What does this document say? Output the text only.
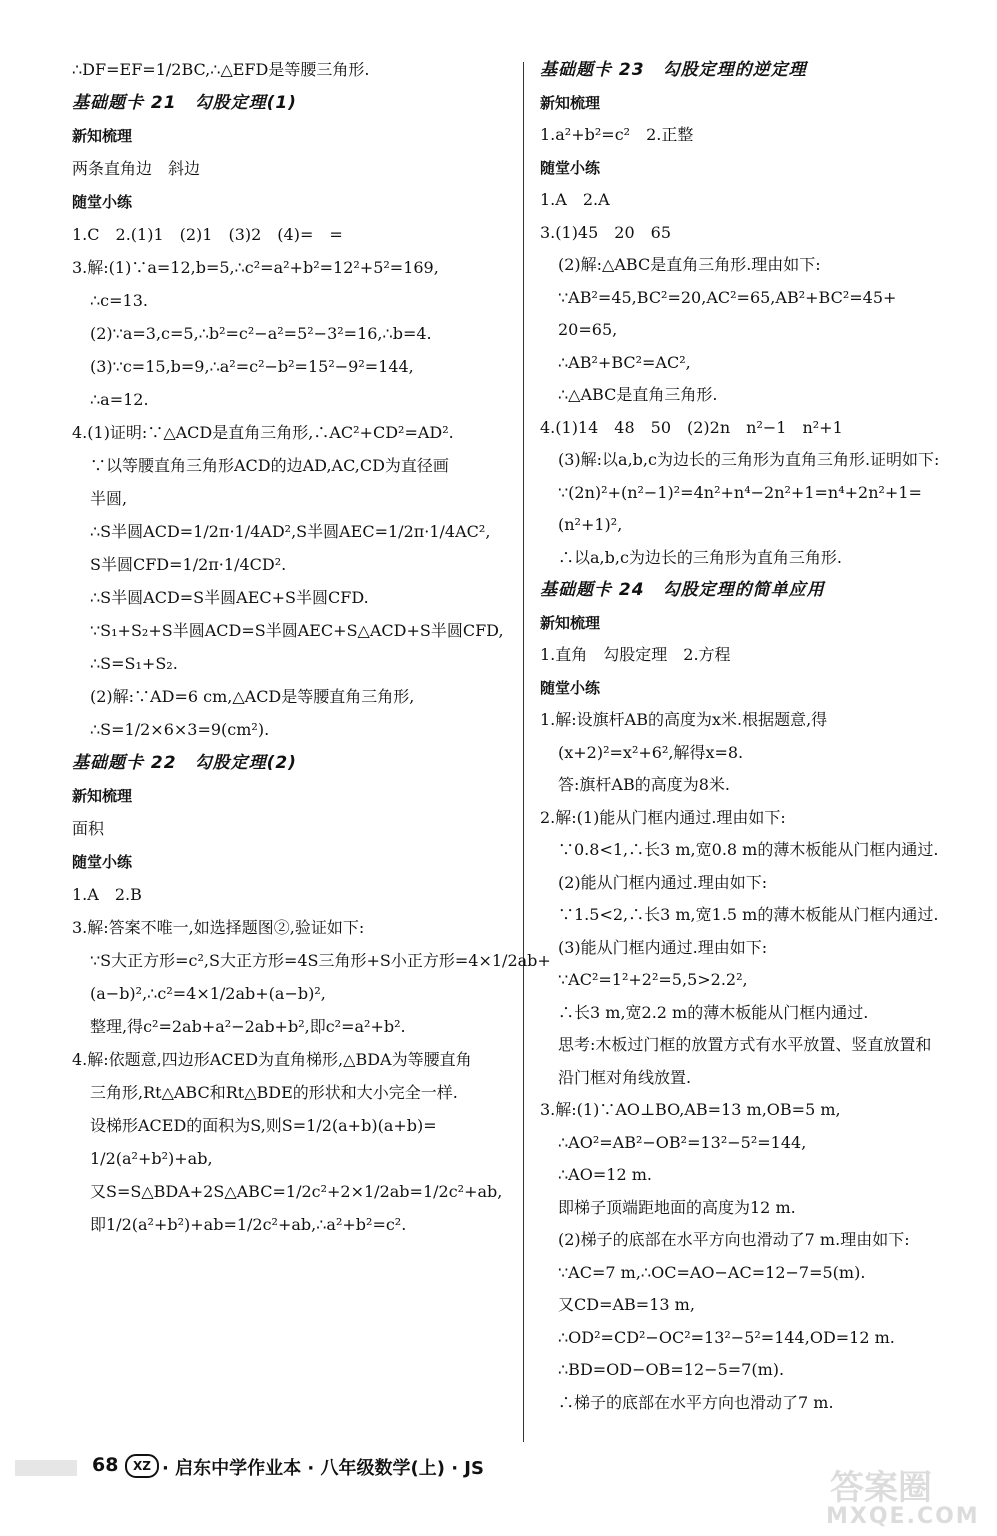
∴DF=EF=1/2BC,∴△EFD是等腰三角形.
基础题卡 21　勾股定理(1)
新知梳理
两条直角边　斜边
随堂小练
1.C　2.(1)1　(2)1　(3)2　(4)=　=
3.解:(1)∵a=12,b=5,∴c²=a²+b²=12²+5²=169,
∴c=13.
(2)∵a=3,c=5,∴b²=c²−a²=5²−3²=16,∴b=4.
(3)∵c=15,b=9,∴a²=c²−b²=15²−9²=144,
∴a=12.
4.(1)证明:∵△ACD是直角三角形,∴AC²+CD²=AD².
∵以等腰直角三角形ACD的边AD,AC,CD为直径画
半圆,
∴S半圆ACD=1/2π·1/4AD²,S半圆AEC=1/2π·1/4AC²,
S半圆CFD=1/2π·1/4CD².
∴S半圆ACD=S半圆AEC+S半圆CFD.
∵S₁+S₂+S半圆ACD=S半圆AEC+S△ACD+S半圆CFD,
∴S=S₁+S₂.
(2)解:∵AD=6 cm,△ACD是等腰直角三角形,
∴S=1/2×6×3=9(cm²).
基础题卡 22　勾股定理(2)
新知梳理
面积
随堂小练
1.A　2.B
3.解:答案不唯一,如选择题图②,验证如下:
∵S大正方形=c²,S大正方形=4S三角形+S小正方形=4×1/2ab+
(a−b)²,∴c²=4×1/2ab+(a−b)²,
整理,得c²=2ab+a²−2ab+b²,即c²=a²+b².
4.解:依题意,四边形ACED为直角梯形,△BDA为等腰直角
三角形,Rt△ABC和Rt△BDE的形状和大小完全一样.
设梯形ACED的面积为S,则S=1/2(a+b)(a+b)=
1/2(a²+b²)+ab,
又S=S△BDA+2S△ABC=1/2c²+2×1/2ab=1/2c²+ab,
即1/2(a²+b²)+ab=1/2c²+ab,∴a²+b²=c².
基础题卡 23　勾股定理的逆定理
新知梳理
1.a²+b²=c²　2.正整
随堂小练
1.A　2.A
3.(1)45　20　65
(2)解:△ABC是直角三角形.理由如下:
∵AB²=45,BC²=20,AC²=65,AB²+BC²=45+
20=65,
∴AB²+BC²=AC²,
∴△ABC是直角三角形.
4.(1)14　48　50　(2)2n　n²−1　n²+1
(3)解:以a,b,c为边长的三角形为直角三角形.证明如下:
∵(2n)²+(n²−1)²=4n²+n⁴−2n²+1=n⁴+2n²+1=
(n²+1)²,
∴以a,b,c为边长的三角形为直角三角形.
基础题卡 24　勾股定理的简单应用
新知梳理
1.直角　勾股定理　2.方程
随堂小练
1.解:设旗杆AB的高度为x米.根据题意,得
(x+2)²=x²+6²,解得x=8.
答:旗杆AB的高度为8米.
2.解:(1)能从门框内通过.理由如下:
∵0.8<1,∴长3 m,宽0.8 m的薄木板能从门框内通过.
(2)能从门框内通过.理由如下:
∵1.5<2,∴长3 m,宽1.5 m的薄木板能从门框内通过.
(3)能从门框内通过.理由如下:
∵AC²=1²+2²=5,5>2.2²,
∴长3 m,宽2.2 m的薄木板能从门框内通过.
思考:木板过门框的放置方式有水平放置、竖直放置和
沿门框对角线放置.
3.解:(1)∵AO⊥BO,AB=13 m,OB=5 m,
∴AO²=AB²−OB²=13²−5²=144,
∴AO=12 m.
即梯子顶端距地面的高度为12 m.
(2)梯子的底部在水平方向也滑动了7 m.理由如下:
∵AC=7 m,∴OC=AO−AC=12−7=5(m).
又CD=AB=13 m,
∴OD²=CD²−OC²=13²−5²=144,OD=12 m.
∴BD=OD−OB=12−5=7(m).
∴梯子的底部在水平方向也滑动了7 m.
68	XZ · 启东中学作业本 · 八年级数学(上) · JS	答案圈
MXQE.COM
